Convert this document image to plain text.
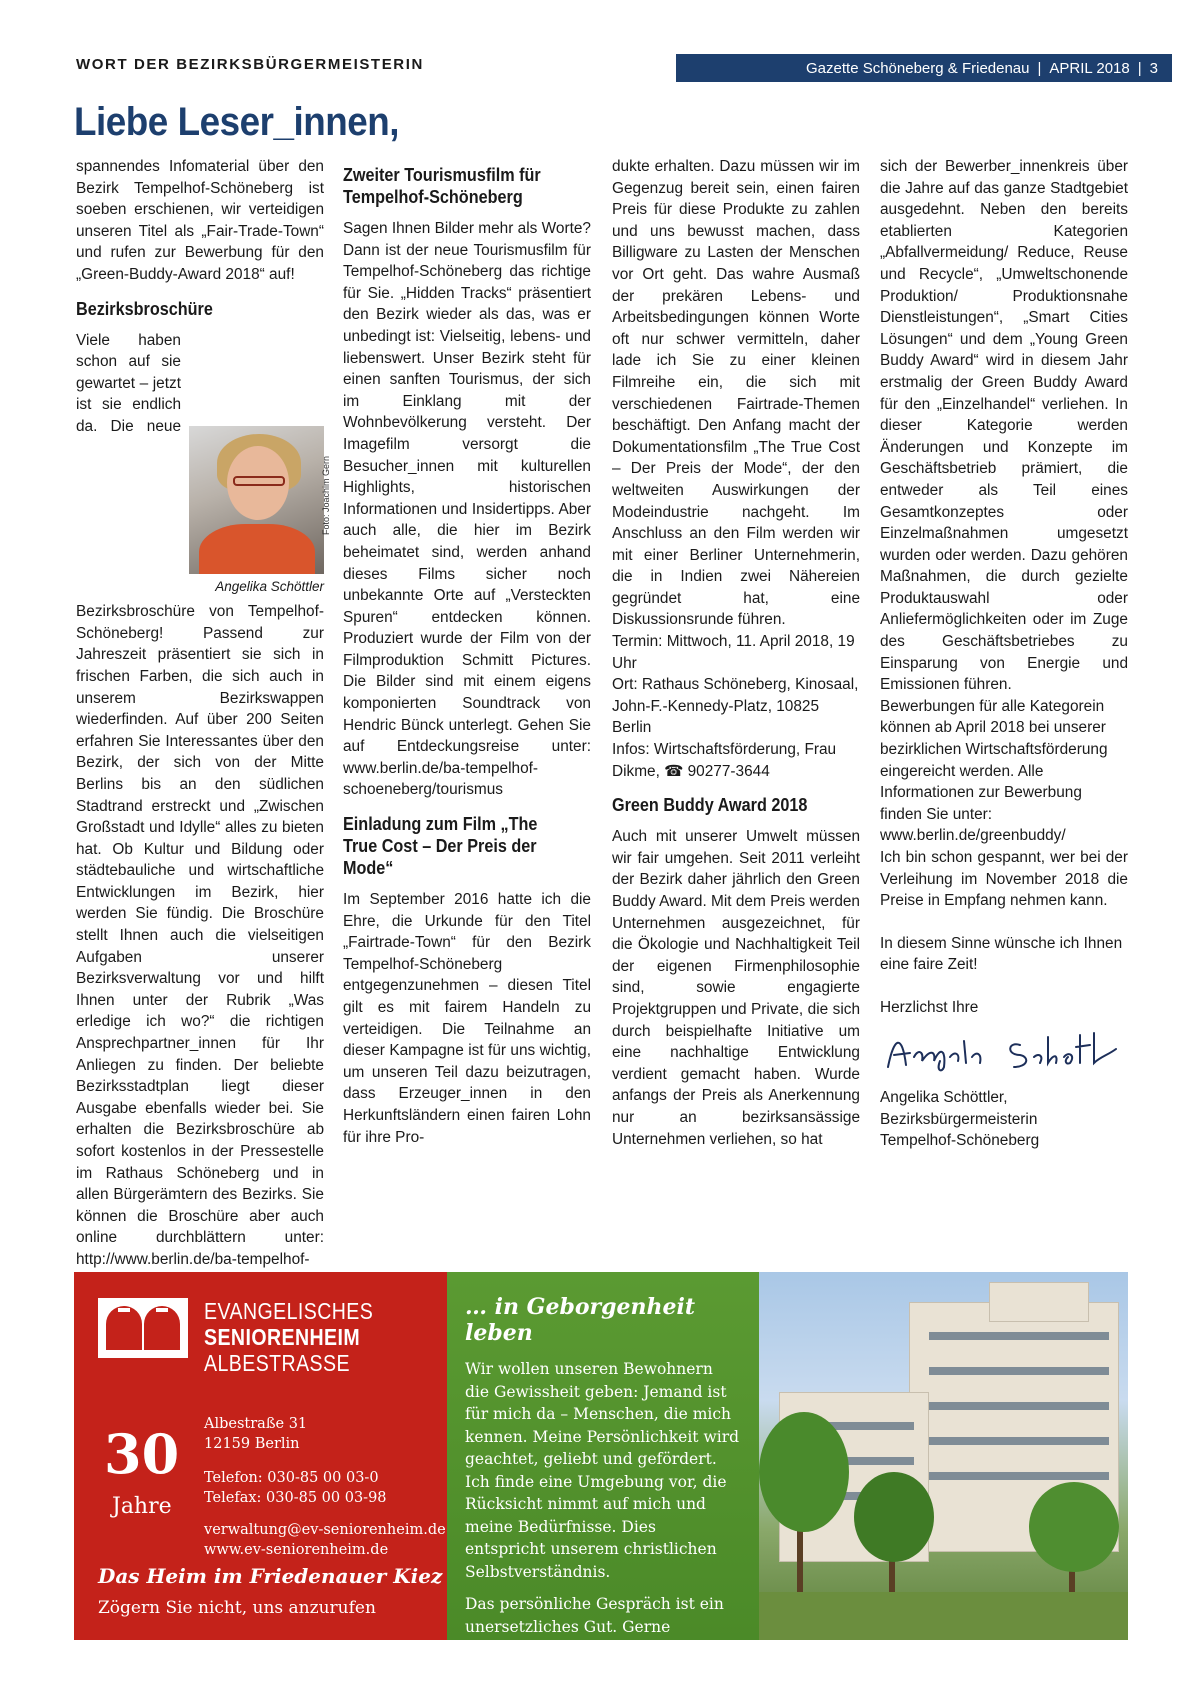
WORT DER BEZIRKSBÜRGERMEISTERIN	Gazette Schöneberg & Friedenau | APRIL 2018 | 3
Liebe Leser_innen,

spannendes Infomaterial über den Bezirk Tempelhof-Schöneberg ist soeben erschienen, wir verteidigen unseren Titel als „Fair-Trade-Town“ und rufen zur Bewerbung für den „Green-Buddy-Award 2018“ auf!

Bezirksbroschüre
Foto: Joachim Gern
Angelika Schöttler

Viele haben schon auf sie gewartet – jetzt ist sie endlich da. Die neue Bezirksbroschüre von Tempelhof-Schöneberg! Passend zur Jahreszeit präsentiert sie sich in frischen Farben, die sich auch in unserem Bezirkswappen wiederfinden. Auf über 200 Seiten erfahren Sie Interessantes über den Bezirk, der sich von der Mitte Berlins bis an den südlichen Stadtrand erstreckt und „Zwischen Großstadt und Idylle“ alles zu bieten hat. Ob Kultur und Bildung oder städtebauliche und wirtschaftliche Entwicklungen im Bezirk, hier werden Sie fündig. Die Broschüre stellt Ihnen auch die vielseitigen Aufgaben unserer Bezirksverwaltung vor und hilft Ihnen unter der Rubrik „Was erledige ich wo?“ die richtigen Ansprechpartner_innen für Ihr Anliegen zu finden. Der beliebte Bezirksstadtplan liegt dieser Ausgabe ebenfalls wieder bei. Sie erhalten die Bezirksbroschüre ab sofort kostenlos in der Pressestelle im Rathaus Schöneberg und in allen Bürgerämtern des Bezirks. Sie können die Broschüre aber auch online durchblättern unter: http://www.berlin.de/ba-tempelhof-

Zweiter Tourismusfilm für Tempelhof-Schöneberg

Sagen Ihnen Bilder mehr als Worte? Dann ist der neue Tourismusfilm für Tempelhof-Schöneberg das richtige für Sie. „Hidden Tracks“ präsentiert den Bezirk wieder als das, was er unbedingt ist: Vielseitig, lebens- und liebenswert. Unser Bezirk steht für einen sanften Tourismus, der sich im Einklang mit der Wohnbevölkerung versteht. Der Imagefilm versorgt die Besucher_innen mit kulturellen Highlights, historischen Informationen und Insidertipps. Aber auch alle, die hier im Bezirk beheimatet sind, werden anhand dieses Films sicher noch unbekannte Orte auf „Versteckten Spuren“ entdecken können. Produziert wurde der Film von der Filmproduktion Schmitt Pictures. Die Bilder sind mit einem eigens komponierten Soundtrack von Hendric Bünck unterlegt. Gehen Sie auf Entdeckungsreise unter: www.berlin.de/ba-tempelhof-schoeneberg/tourismus

Einladung zum Film „The True Cost – Der Preis der Mode“

Im September 2016 hatte ich die Ehre, die Urkunde für den Titel „Fairtrade-Town“ für den Bezirk Tempelhof-Schöneberg entgegenzunehmen – diesen Titel gilt es mit fairem Handeln zu verteidigen. Die Teilnahme an dieser Kampagne ist für uns wichtig, um unseren Teil dazu beizutragen, dass Erzeuger_innen in den Herkunftsländern einen fairen Lohn für ihre Pro-

dukte erhalten. Dazu müssen wir im Gegenzug bereit sein, einen fairen Preis für diese Produkte zu zahlen und uns bewusst machen, dass Billigware zu Lasten der Menschen vor Ort geht. Das wahre Ausmaß der prekären Lebens- und Arbeitsbedingungen können Worte oft nur schwer vermitteln, daher lade ich Sie zu einer kleinen Filmreihe ein, die sich mit verschiedenen Fairtrade-Themen beschäftigt. Den Anfang macht der Dokumentationsfilm „The True Cost – Der Preis der Mode“, der den weltweiten Auswirkungen der Modeindustrie nachgeht. Im Anschluss an den Film werden wir mit einer Berliner Unternehmerin, die in Indien zwei Nähereien gegründet hat, eine Diskussionsrunde führen.

Termin: Mittwoch, 11. April 2018, 19 Uhr

Ort: Rathaus Schöneberg, Kinosaal, John-F.-Kennedy-Platz, 10825 Berlin

Infos: Wirtschaftsförderung, Frau Dikme, ☎ 90277-3644

Green Buddy Award 2018

Auch mit unserer Umwelt müssen wir fair umgehen. Seit 2011 verleiht der Bezirk daher jährlich den Green Buddy Award. Mit dem Preis werden Unternehmen ausgezeichnet, für die Ökologie und Nachhaltigkeit Teil der eigenen Firmenphilosophie sind, sowie engagierte Projektgruppen und Private, die sich durch beispielhafte Initiative um eine nachhaltige Entwicklung verdient gemacht haben. Wurde anfangs der Preis als Anerkennung nur an bezirksansässige Unternehmen verliehen, so hat

sich der Bewerber_innenkreis über die Jahre auf das ganze Stadtgebiet ausgedehnt. Neben den bereits etablierten Kategorien „Abfallvermeidung/ Reduce, Reuse und Recycle“, „Umweltschonende Produktion/ Produktionsnahe Dienstleistungen“, „Smart Cities Lösungen“ und dem „Young Green Buddy Award“ wird in diesem Jahr erstmalig der Green Buddy Award für den „Einzelhandel“ verliehen. In dieser Kategorie werden Änderungen und Konzepte im Geschäftsbetrieb prämiert, die entweder als Teil eines Gesamtkonzeptes oder Einzelmaßnahmen umgesetzt wurden oder werden. Dazu gehören Maßnahmen, die durch gezielte Produktauswahl oder Anliefermöglichkeiten oder im Zuge des Geschäftsbetriebes zu Einsparung von Energie und Emissionen führen.

Bewerbungen für alle Kategorein können ab April 2018 bei unserer bezirklichen Wirtschaftsförderung eingereicht werden. Alle Informationen zur Bewerbung finden Sie unter: www.berlin.de/greenbuddy/

Ich bin schon gespannt, wer bei der Verleihung im November 2018 die Preise in Empfang nehmen kann.

In diesem Sinne wünsche ich Ihnen eine faire Zeit!

Herzlichst Ihre

Angelika Schöttler,

Bezirksbürgermeisterin

Tempelhof-Schöneberg

EVANGELISCHES
SENIORENHEIM
ALBESTRASSE
30
Jahre
Albestraße 31
12159 Berlin
Telefon: 030-85 00 03-0
Telefax: 030-85 00 03-98
verwaltung@ev-seniorenheim.de
www.ev-seniorenheim.de
Das Heim im Friedenauer Kiez
Zögern Sie nicht, uns anzurufen
… in Geborgenheit leben

Wir wollen unseren Bewohnern die Gewissheit geben: Jemand ist für mich da – Menschen, die mich kennen. Meine Persönlichkeit wird geachtet, geliebt und gefördert. Ich finde eine Umgebung vor, die Rücksicht nimmt auf mich und meine Bedürfnisse. Dies entspricht unserem christlichen Selbstverständnis.

Das persönliche Gespräch ist ein unersetzliches Gut. Gerne vereinbaren wir mit Ihnen einen Termin zur Hausbesichtigung.
